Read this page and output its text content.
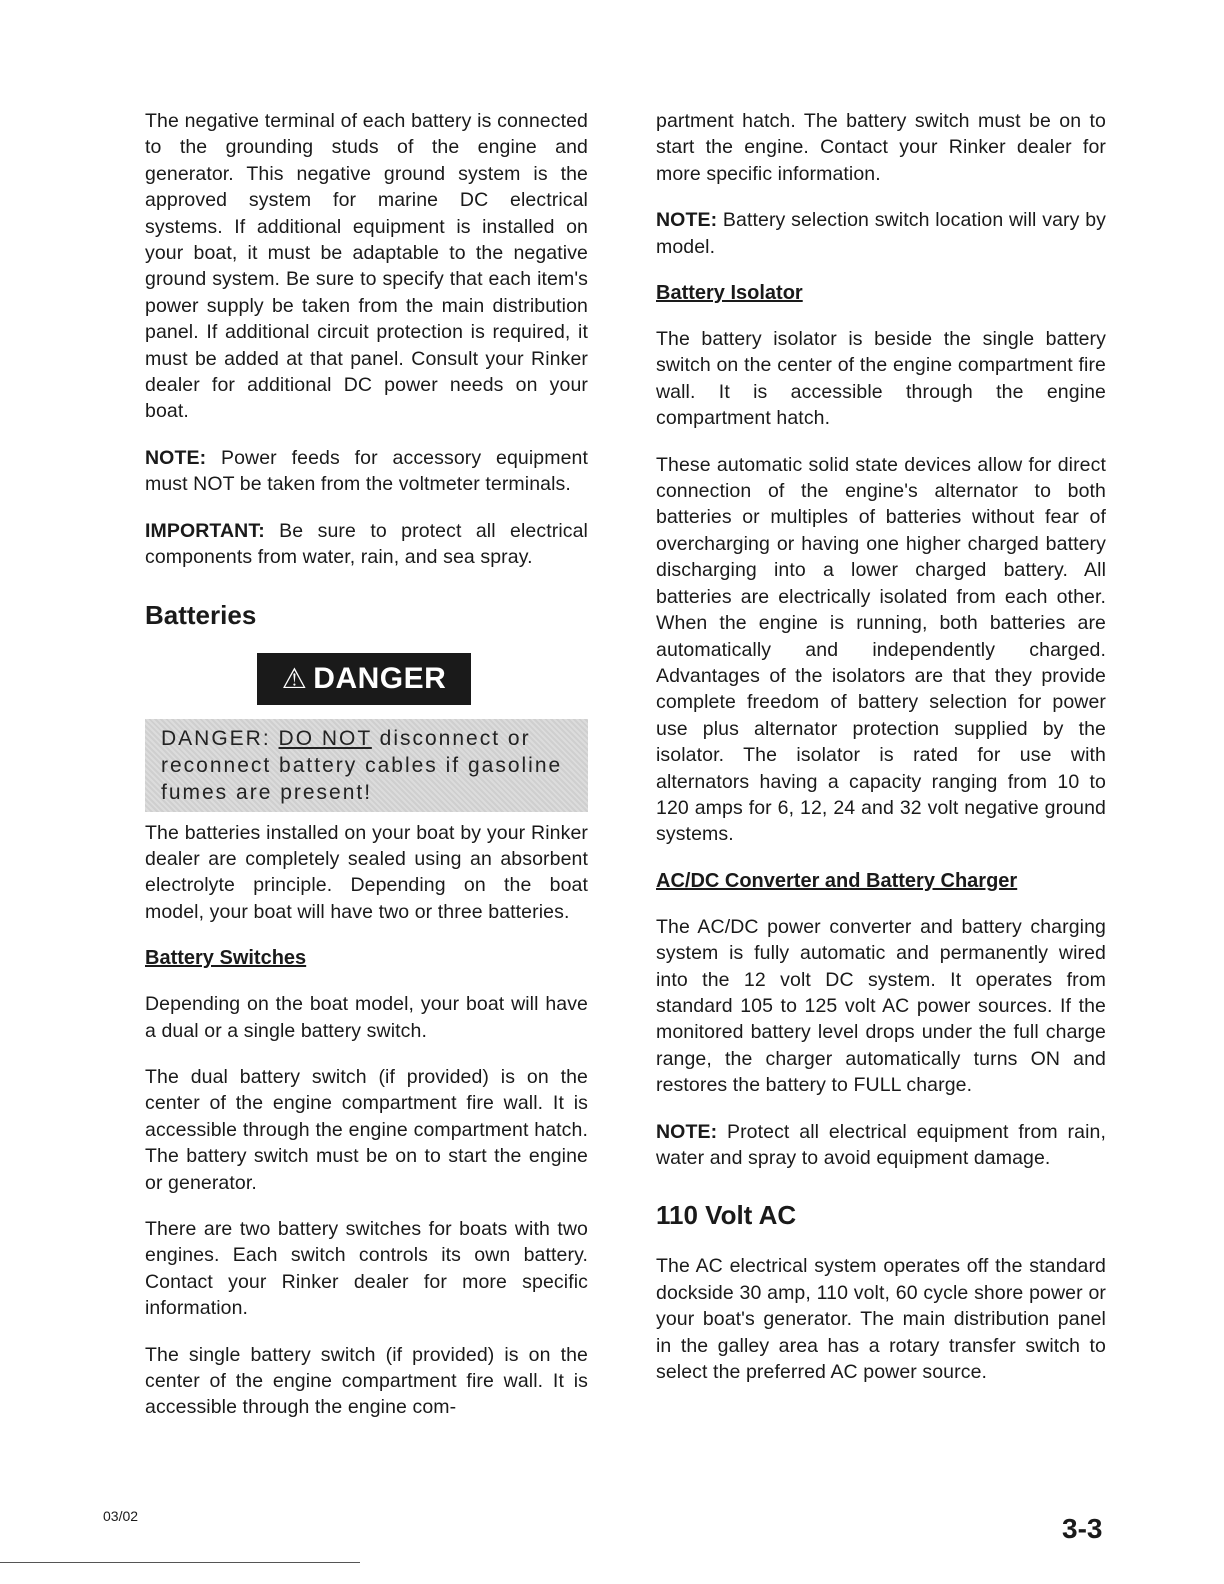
The negative terminal of each battery is connected to the grounding studs of the engine and generator. This negative ground system is the approved system for marine DC electrical systems. If additional equipment is installed on your boat, it must be adaptable to the negative ground system. Be sure to specify that each item's power supply be taken from the main distribution panel. If additional circuit protection is required, it must be added at that panel. Consult your Rinker dealer for additional DC power needs on your boat.

NOTE: Power feeds for accessory equipment must NOT be taken from the voltmeter terminals.

IMPORTANT: Be sure to protect all electrical components from water, rain, and sea spray.

Batteries
⚠ DANGER
DANGER: DO NOT disconnect or reconnect battery cables if gasoline fumes are present!

The batteries installed on your boat by your Rinker dealer are completely sealed using an absorbent electrolyte principle. Depending on the boat model, your boat will have two or three batteries.

Battery Switches

Depending on the boat model, your boat will have a dual or a single battery switch.

The dual battery switch (if provided) is on the center of the engine compartment fire wall. It is accessible through the engine compartment hatch. The battery switch must be on to start the engine or generator.

There are two battery switches for boats with two engines. Each switch controls its own battery. Contact your Rinker dealer for more specific information.

The single battery switch (if provided) is on the center of the engine compartment fire wall. It is accessible through the engine com-

partment hatch. The battery switch must be on to start the engine. Contact your Rinker dealer for more specific information.

NOTE: Battery selection switch location will vary by model.

Battery Isolator

The battery isolator is beside the single battery switch on the center of the engine compartment fire wall. It is accessible through the engine compartment hatch.

These automatic solid state devices allow for direct connection of the engine's alternator to both batteries or multiples of batteries without fear of overcharging or having one higher charged battery discharging into a lower charged battery. All batteries are electrically isolated from each other. When the engine is running, both batteries are automatically and independently charged. Advantages of the isolators are that they provide complete freedom of battery selection for power use plus alternator protection supplied by the isolator. The isolator is rated for use with alternators having a capacity ranging from 10 to 120 amps for 6, 12, 24 and 32 volt negative ground systems.

AC/DC Converter and Battery Charger

The AC/DC power converter and battery charging system is fully automatic and permanently wired into the 12 volt DC system. It operates from standard 105 to 125 volt AC power sources. If the monitored battery level drops under the full charge range, the charger automatically turns ON and restores the battery to FULL charge.

NOTE: Protect all electrical equipment from rain, water and spray to avoid equipment damage.

110 Volt AC

The AC electrical system operates off the standard dockside 30 amp, 110 volt, 60 cycle shore power or your boat's generator. The main distribution panel in the galley area has a rotary transfer switch to select the preferred AC power source.

03/02	3-3
